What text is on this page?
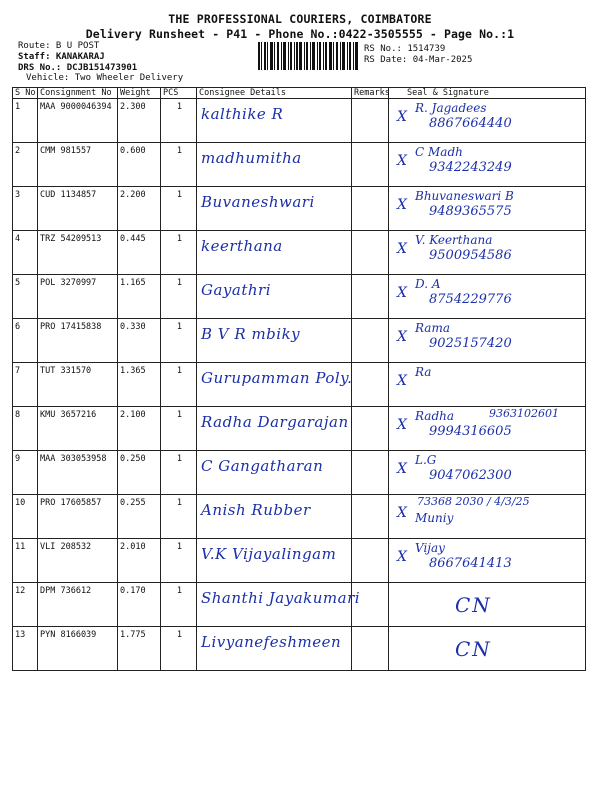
THE PROFESSIONAL COURIERS, COIMBATORE
Delivery Runsheet - P41 - Phone No.:0422-3505555 - Page No.:1
Route: B U POST
Staff: KANAKARAJ
DRS No.: DCJB151473901
Vehicle: Two Wheeler Delivery
RS No.: 1514739
RS Date: 04-Mar-2025
S No	Consignment No	Weight	PCS	Consignee Details	Remarks	Seal & Signature
1	MAA 9000046394	2.300	1	kalthike R		X
R. Jagadees
8867664440

2	CMM 981557	0.600	1	madhumitha		X
C Madh
9342243249

3	CUD 1134857	2.200	1	Buvaneshwari		X
Bhuvaneswari B
9489365575

4	TRZ 54209513	0.445	1	keerthana		X
V. Keerthana
9500954586

5	POL 3270997	1.165	1	Gayathri		X
D. A
8754229776

6	PRO 17415838	0.330	1	B V R mbiky		X
Rama
9025157420

7	TUT 331570	1.365	1	Gurupamman Poly.		X
Ra

8	KMU 3657216	2.100	1	Radha Dargarajan		X
Radha 9363102601
9994316605

9	MAA 303053958	0.250	1	C Gangatharan		X
L.G
9047062300

10	PRO 17605857	0.255	1	Anish Rubber		X Muniy
73368 2030 / 4/3/25

11	VLI 208532	2.010	1	V.K Vijayalingam		X
Vijay
8667641413

12	DPM 736612	0.170	1	Shanthi Jayakumari		CN

13	PYN 8166039	1.775	1	Livyanefeshmeen		CN
